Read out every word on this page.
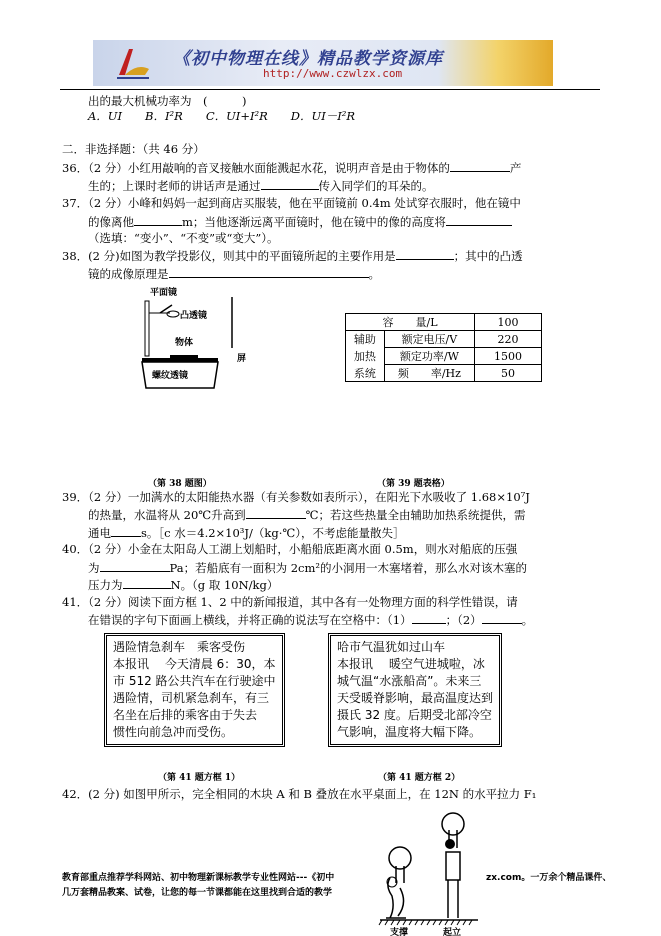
《初中物理在线》精品教学资源库
http://www.czwlzx.com
出的最大机械功率为　 (　　　)
A．UI　　 B．I²R　　 C．UI+I²R　　 D．UI－I²R
二．非选择题：（共 46 分）
36．（2 分）小红用敲响的音叉接触水面能溅起水花，说明声音是由于物体的	产
生的；上课时老师的讲话声是通过	传入同学们的耳朵的。
37．（2 分）小峰和妈妈一起到商店买服装，他在平面镜前 0.4m 处试穿衣服时，他在镜中
的像离他	m；当他逐渐远离平面镜时，他在镜中的像的高度将
（选填：“变小”、“不变”或“变大”）。
38．(2 分)如图为教学投影仪，则其中的平面镜所起的主要作用是	；其中的凸透
镜的成像原理是	。
平面镜
凸透镜
物体
屏
螺纹透镜
容　　量/L		100
辅助	额定电压/V	220
加热	额定功率/W	1500
系统	频　　率/Hz	50
（第 38 题图）	（第 39 题表格）
39．（2 分）一加满水的太阳能热水器（有关参数如表所示），在阳光下水吸收了 1.68×10⁷J
的热量，水温将从 20℃升高到	℃；若这些热量全由辅助加热系统提供，需
通电	s。［c 水＝4.2×10³J/（kg·℃），不考虑能量散失］
40．（2 分）小金在太阳岛人工湖上划船时，小船船底距离水面 0.5m，则水对船底的压强
为	Pa；若船底有一面积为 2cm²的小洞用一木塞堵着，那么水对该木塞的
压力为	N。（g 取 10N/kg）
41．（2 分）阅读下面方框 1、2 中的新闻报道，其中各有一处物理方面的科学性错误，请
在错误的字句下面画上横线，并将正确的说法写在空格中：（1）	；（2）	。
遇险情急刹车　乘客受伤
本报讯　 今天清晨 6：30，本
市 512 路公共汽车在行驶途中
遇险情，司机紧急刹车，有三
名坐在后排的乘客由于失去
惯性向前急冲而受伤。
哈市气温犹如过山车
本报讯　 暖空气进城啦，冰
城气温“水涨船高”。未来三
天受暖脊影响，最高温度达到
摄氏 32 度。后期受北部冷空
气影响，温度将大幅下降。
（第 41 题方框 1）	（第 41 题方框 2）
42．(2 分) 如图甲所示，完全相同的木块 A 和 B 叠放在水平桌面上，在 12N 的水平拉力 F₁
教育部重点推荐学科网站、初中物理新课标教学专业性网站---《初中	zx.com。一万余个精品课件、
几万套精品教案、试卷，让您的每一节课都能在这里找到合适的教学
支撑	起立
